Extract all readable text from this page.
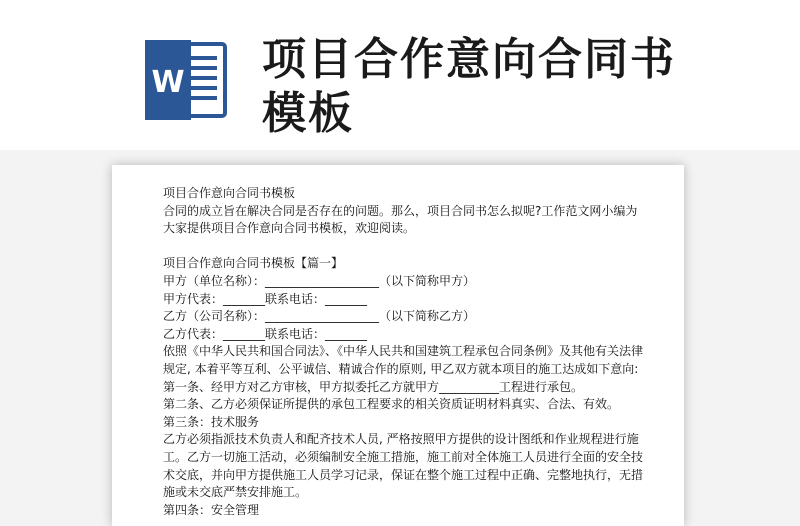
W 项目合作意向合同书
模板
项目合作意向合同书模板
合同的成立旨在解决合同是否存在的问题。那么，项目合同书怎么拟呢?工作范文网小编为
大家提供项目合作意向合同书模板，欢迎阅读。
项目合作意向合同书模板【篇一】
甲方（单位名称）：___________________（以下简称甲方）
甲方代表：_______联系电话：_______
乙方（公司名称）：___________________（以下简称乙方）
乙方代表：_______联系电话：_______
依照《中华人民共和国合同法》、《中华人民共和国建筑工程承包合同条例》及其他有关法律
规定, 本着平等互利、公平诚信、精诚合作的原则, 甲乙双方就本项目的施工达成如下意向:
第一条、经甲方对乙方审核，甲方拟委托乙方就甲方__________工程进行承包。
第二条、乙方必须保证所提供的承包工程要求的相关资质证明材料真实、合法、有效。
第三条：技术服务
乙方必须指派技术负责人和配齐技术人员, 严格按照甲方提供的设计图纸和作业规程进行施
工。乙方一切施工活动，必须编制安全施工措施，施工前对全体施工人员进行全面的安全技
术交底，并向甲方提供施工人员学习记录，保证在整个施工过程中正确、完整地执行，无措
施或未交底严禁安排施工。
第四条：安全管理
